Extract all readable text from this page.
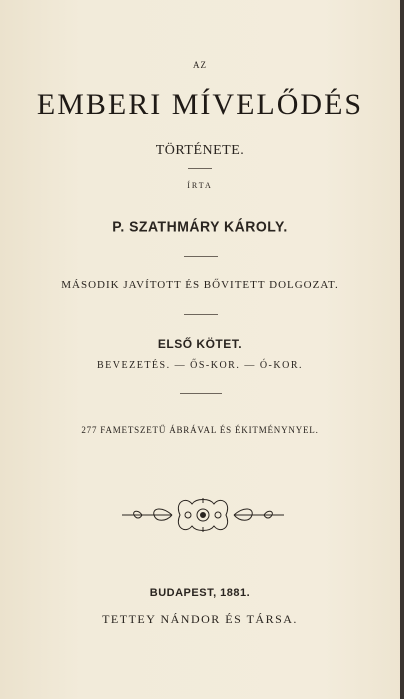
AZ
EMBERI MÍVELŐDÉS
TÖRTÉNETE.
ÍRTA
P. SZATHMÁRY KÁROLY.
MÁSODIK JAVÍTOTT ÉS BŐVITETT DOLGOZAT.
ELSŐ KÖTET.
BEVEZETÉS. — ŐS-KOR. — Ó-KOR.
277 FAMETSZETŰ ÁBRÁVAL ÉS ÉKITMÉNYNYEL.
BUDAPEST, 1881.
TETTEY NÁNDOR ÉS TÁRSA.
